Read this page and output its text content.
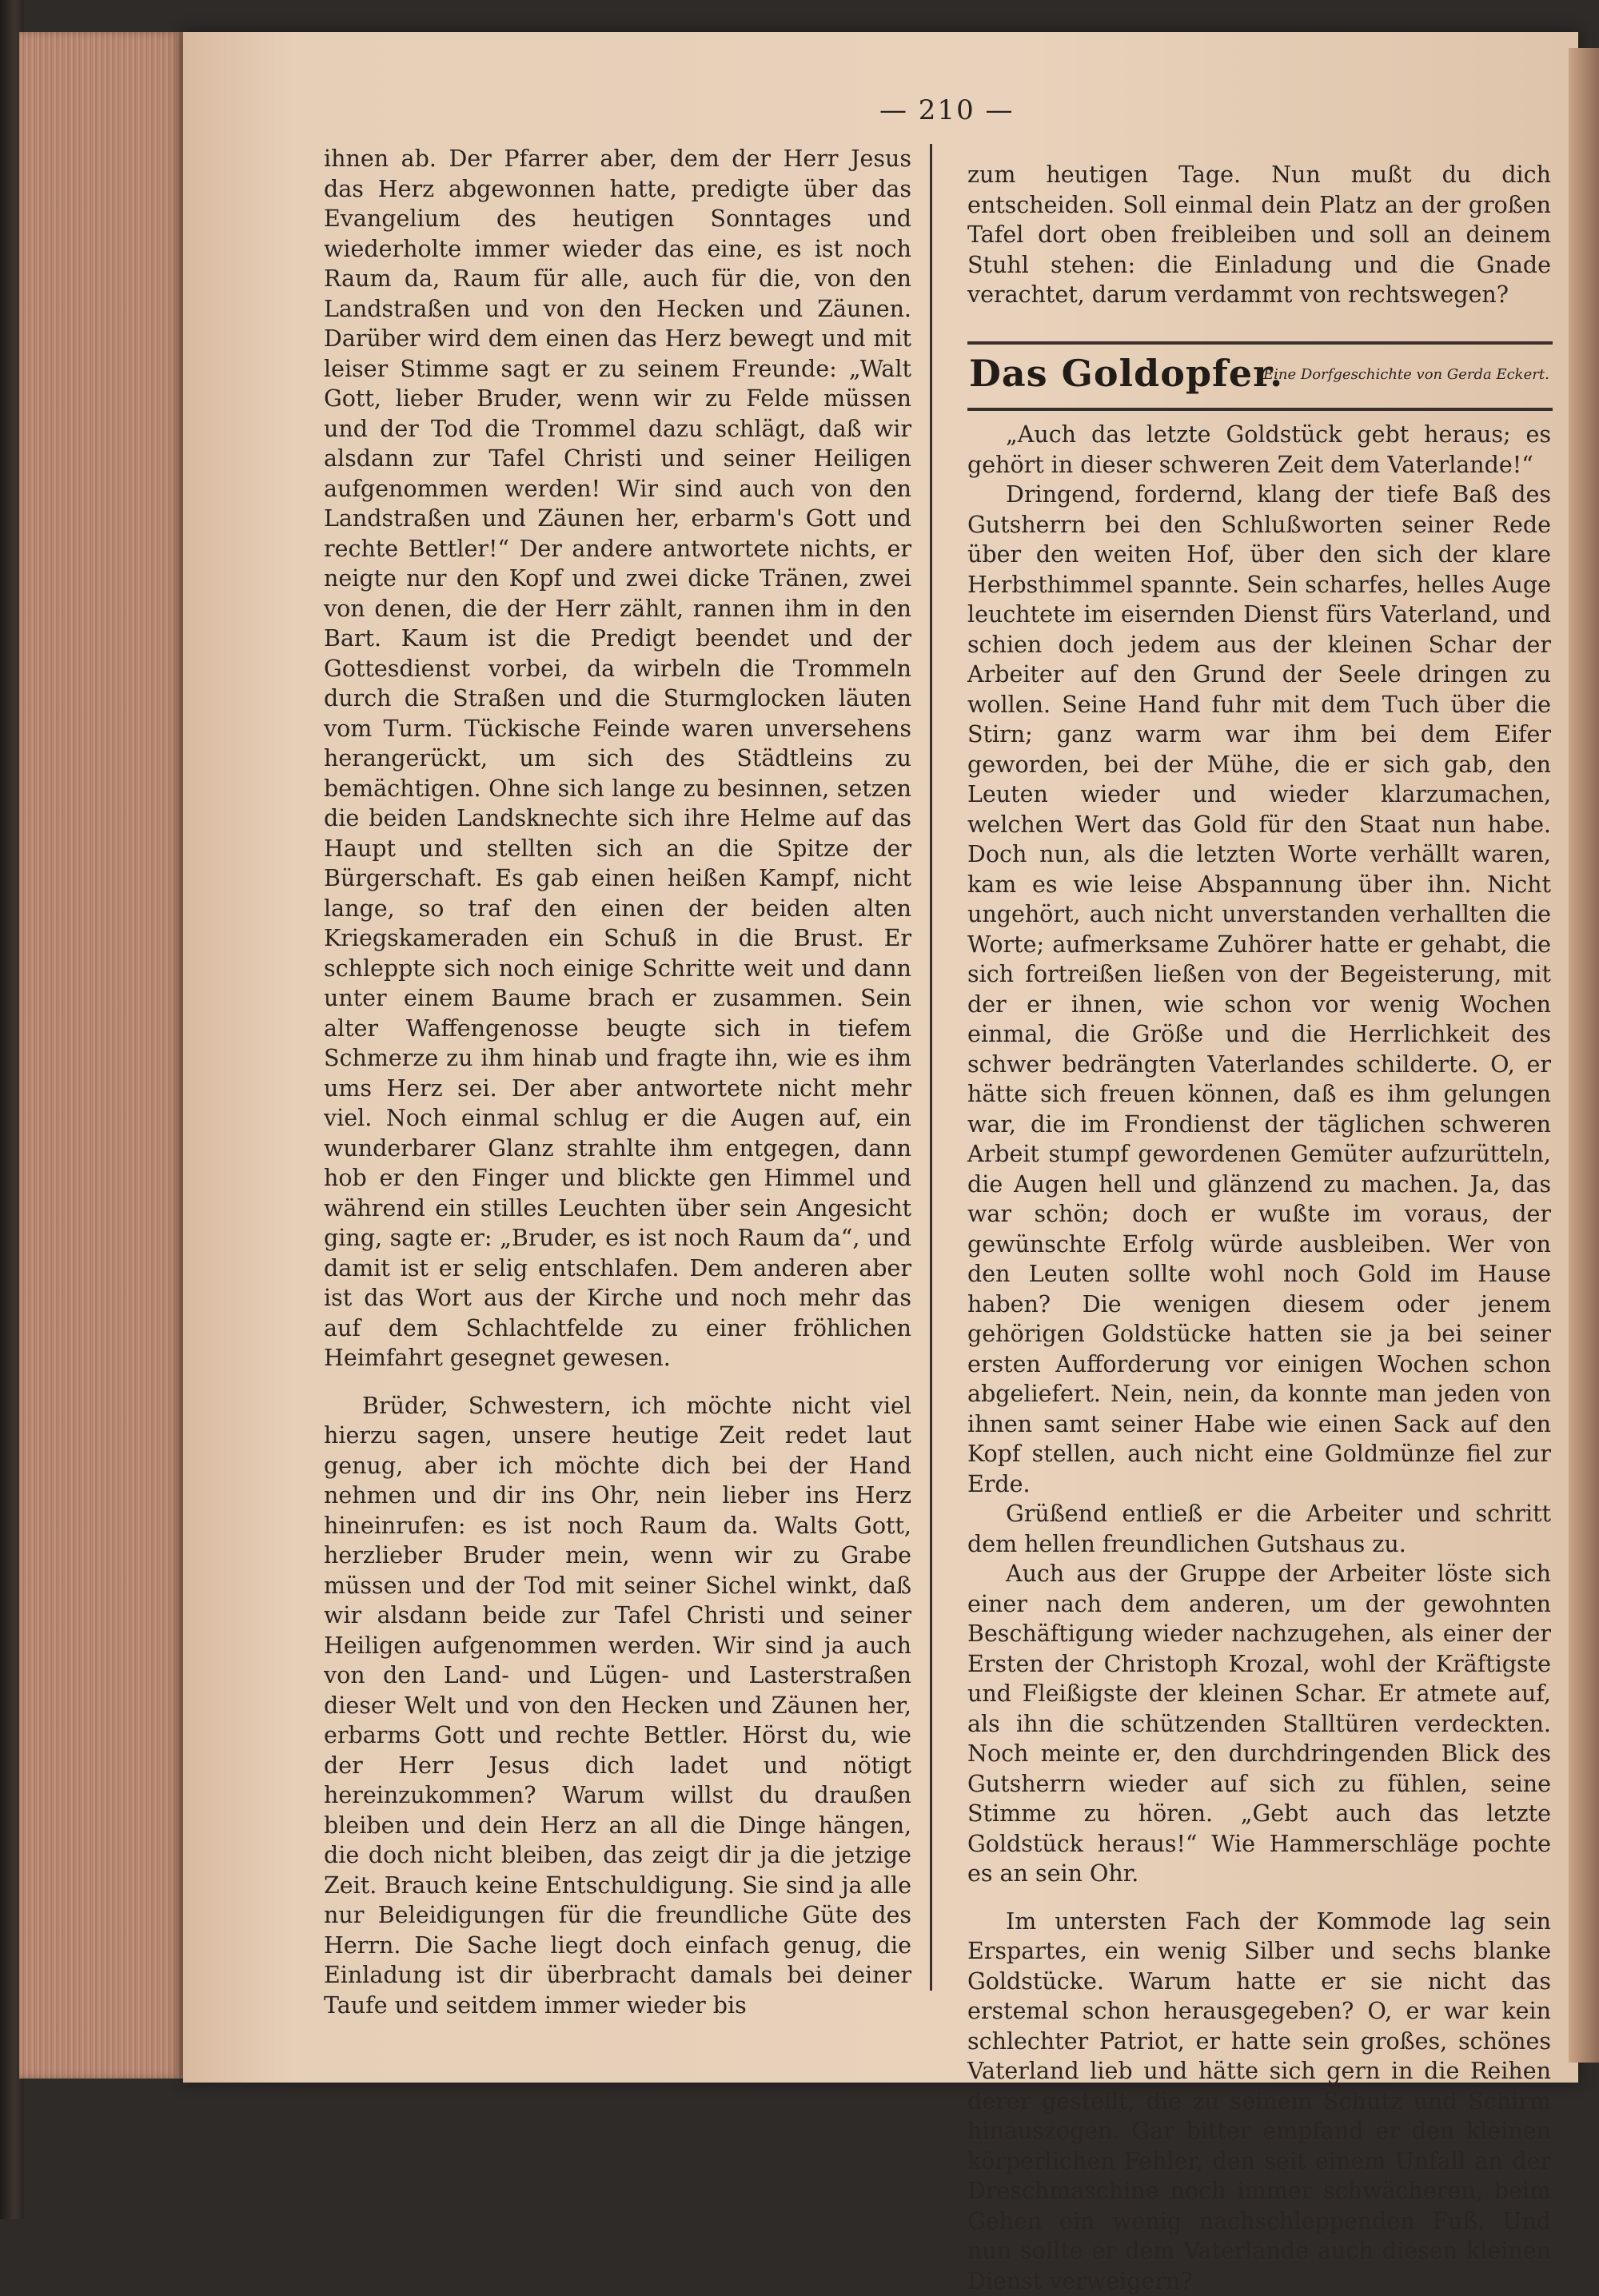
— 210 —

ihnen ab. Der Pfarrer aber, dem der Herr Jesus das Herz abgewonnen hatte, predigte über das Evangelium des heutigen Sonntages und wiederholte immer wieder das eine, es ist noch Raum da, Raum für alle, auch für die, von den Landstraßen und von den Hecken und Zäunen. Darüber wird dem einen das Herz bewegt und mit leiser Stimme sagt er zu seinem Freunde: „Walt Gott, lieber Bruder, wenn wir zu Felde müssen und der Tod die Trommel dazu schlägt, daß wir alsdann zur Tafel Christi und seiner Heiligen aufgenommen werden! Wir sind auch von den Landstraßen und Zäunen her, erbarm's Gott und rechte Bettler!“ Der andere antwortete nichts, er neigte nur den Kopf und zwei dicke Tränen, zwei von denen, die der Herr zählt, rannen ihm in den Bart. Kaum ist die Predigt beendet und der Gottesdienst vorbei, da wirbeln die Trommeln durch die Straßen und die Sturmglocken läuten vom Turm. Tückische Feinde waren unversehens herangerückt, um sich des Städtleins zu bemächtigen. Ohne sich lange zu besinnen, setzen die beiden Landsknechte sich ihre Helme auf das Haupt und stellten sich an die Spitze der Bürgerschaft. Es gab einen heißen Kampf, nicht lange, so traf den einen der beiden alten Kriegskameraden ein Schuß in die Brust. Er schleppte sich noch einige Schritte weit und dann unter einem Baume brach er zusammen. Sein alter Waffengenosse beugte sich in tiefem Schmerze zu ihm hinab und fragte ihn, wie es ihm ums Herz sei. Der aber antwortete nicht mehr viel. Noch einmal schlug er die Augen auf, ein wunderbarer Glanz strahlte ihm entgegen, dann hob er den Finger und blickte gen Himmel und während ein stilles Leuchten über sein Angesicht ging, sagte er: „Bruder, es ist noch Raum da“, und damit ist er selig entschlafen. Dem anderen aber ist das Wort aus der Kirche und noch mehr das auf dem Schlachtfelde zu einer fröhlichen Heimfahrt gesegnet gewesen.

Brüder, Schwestern, ich möchte nicht viel hierzu sagen, unsere heutige Zeit redet laut genug, aber ich möchte dich bei der Hand nehmen und dir ins Ohr, nein lieber ins Herz hineinrufen: es ist noch Raum da. Walts Gott, herzlieber Bruder mein, wenn wir zu Grabe müssen und der Tod mit seiner Sichel winkt, daß wir alsdann beide zur Tafel Christi und seiner Heiligen aufgenommen werden. Wir sind ja auch von den Land- und Lügen- und Lasterstraßen dieser Welt und von den Hecken und Zäunen her, erbarms Gott und rechte Bettler. Hörst du, wie der Herr Jesus dich ladet und nötigt hereinzukommen? Warum willst du draußen bleiben und dein Herz an all die Dinge hängen, die doch nicht bleiben, das zeigt dir ja die jetzige Zeit. Brauch keine Entschuldigung. Sie sind ja alle nur Beleidigungen für die freundliche Güte des Herrn. Die Sache liegt doch einfach genug, die Einladung ist dir überbracht damals bei deiner Taufe und seitdem immer wieder bis

zum heutigen Tage. Nun mußt du dich entscheiden. Soll einmal dein Platz an der großen Tafel dort oben freibleiben und soll an deinem Stuhl stehen: die Einladung und die Gnade verachtet, darum verdammt von rechtswegen?

Das Goldopfer.
Eine Dorfgeschichte von Gerda Eckert.

„Auch das letzte Goldstück gebt heraus; es gehört in dieser schweren Zeit dem Vaterlande!“

Dringend, fordernd, klang der tiefe Baß des Gutsherrn bei den Schlußworten seiner Rede über den weiten Hof, über den sich der klare Herbsthimmel spannte. Sein scharfes, helles Auge leuchtete im eisernden Dienst fürs Vaterland, und schien doch jedem aus der kleinen Schar der Arbeiter auf den Grund der Seele dringen zu wollen. Seine Hand fuhr mit dem Tuch über die Stirn; ganz warm war ihm bei dem Eifer geworden, bei der Mühe, die er sich gab, den Leuten wieder und wieder klarzumachen, welchen Wert das Gold für den Staat nun habe. Doch nun, als die letzten Worte verhällt waren, kam es wie leise Abspannung über ihn. Nicht ungehört, auch nicht unverstanden verhallten die Worte; aufmerksame Zuhörer hatte er gehabt, die sich fortreißen ließen von der Begeisterung, mit der er ihnen, wie schon vor wenig Wochen einmal, die Größe und die Herrlichkeit des schwer bedrängten Vaterlandes schilderte. O, er hätte sich freuen können, daß es ihm gelungen war, die im Frondienst der täglichen schweren Arbeit stumpf gewordenen Gemüter aufzurütteln, die Augen hell und glänzend zu machen. Ja, das war schön; doch er wußte im voraus, der gewünschte Erfolg würde ausbleiben. Wer von den Leuten sollte wohl noch Gold im Hause haben? Die wenigen diesem oder jenem gehörigen Goldstücke hatten sie ja bei seiner ersten Aufforderung vor einigen Wochen schon abgeliefert. Nein, nein, da konnte man jeden von ihnen samt seiner Habe wie einen Sack auf den Kopf stellen, auch nicht eine Goldmünze fiel zur Erde.

Grüßend entließ er die Arbeiter und schritt dem hellen freundlichen Gutshaus zu.

Auch aus der Gruppe der Arbeiter löste sich einer nach dem anderen, um der gewohnten Beschäftigung wieder nachzugehen, als einer der Ersten der Christoph Krozal, wohl der Kräftigste und Fleißigste der kleinen Schar. Er atmete auf, als ihn die schützenden Stalltüren verdeckten. Noch meinte er, den durchdringenden Blick des Gutsherrn wieder auf sich zu fühlen, seine Stimme zu hören. „Gebt auch das letzte Goldstück heraus!“ Wie Hammerschläge pochte es an sein Ohr.

Im untersten Fach der Kommode lag sein Erspartes, ein wenig Silber und sechs blanke Goldstücke. Warum hatte er sie nicht das erstemal schon herausgegeben? O, er war kein schlechter Patriot, er hatte sein großes, schönes Vaterland lieb und hätte sich gern in die Reihen derer gestellt, die zu seinem Schutz und Schirm hinauszogen. Gar bitter empfand er den kleinen körperlichen Fehler, den seit einem Unfall an der Dreschmaschine noch immer schwächeren, beim Gehen ein wenig nachschleppenden Fuß. Und nun sollte er dem Vaterlande auch diesen kleinen Dienst verweigern?
